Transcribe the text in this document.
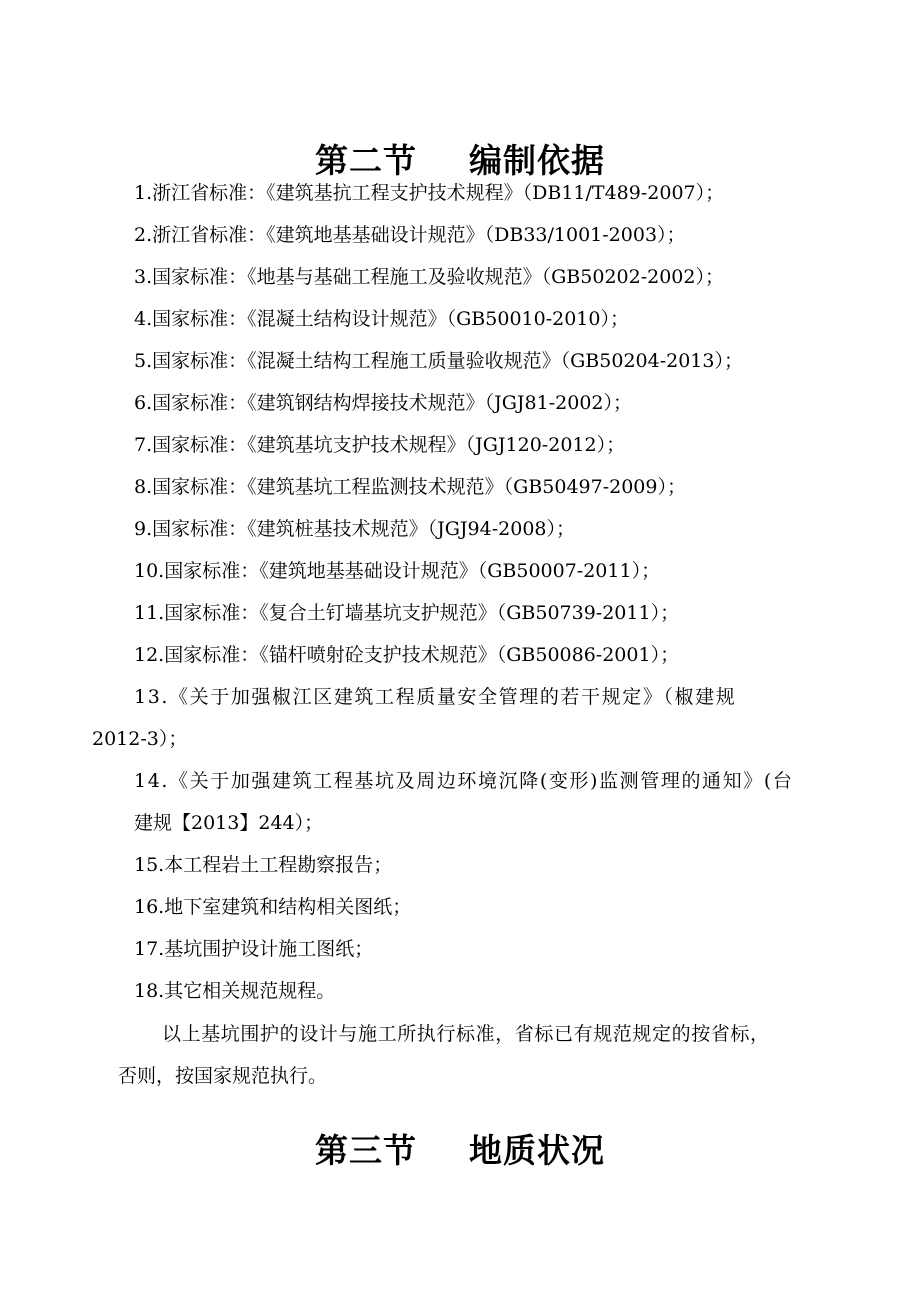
第二节 编制依据
1.浙江省标准：《建筑基抗工程支护技术规程》（DB11/T489-2007）；
2.浙江省标准：《建筑地基基础设计规范》（DB33/1001-2003）；
3.国家标准：《地基与基础工程施工及验收规范》（GB50202-2002）；
4.国家标准：《混凝土结构设计规范》（GB50010-2010）；
5.国家标准：《混凝土结构工程施工质量验收规范》（GB50204-2013）；
6.国家标准：《建筑钢结构焊接技术规范》（JGJ81-2002）；
7.国家标准：《建筑基坑支护技术规程》（JGJ120-2012）；
8.国家标准：《建筑基坑工程监测技术规范》（GB50497-2009）；
9.国家标准：《建筑桩基技术规范》（JGJ94-2008）；
10.国家标准：《建筑地基基础设计规范》（GB50007-2011）；
11.国家标准：《复合土钉墙基坑支护规范》（GB50739-2011）；
12.国家标准：《锚杆喷射砼支护技术规范》（GB50086-2001）；
13.《关于加强椒江区建筑工程质量安全管理的若干规定》（椒建规
2012-3）；
14.《关于加强建筑工程基坑及周边环境沉降(变形)监测管理的通知》(台
建规【2013】244）；
15.本工程岩土工程勘察报告；
16.地下室建筑和结构相关图纸；
17.基坑围护设计施工图纸；
18.其它相关规范规程。

以上基坑围护的设计与施工所执行标准，省标已有规范规定的按省标，
否则，按国家规范执行。

第三节 地质状况
